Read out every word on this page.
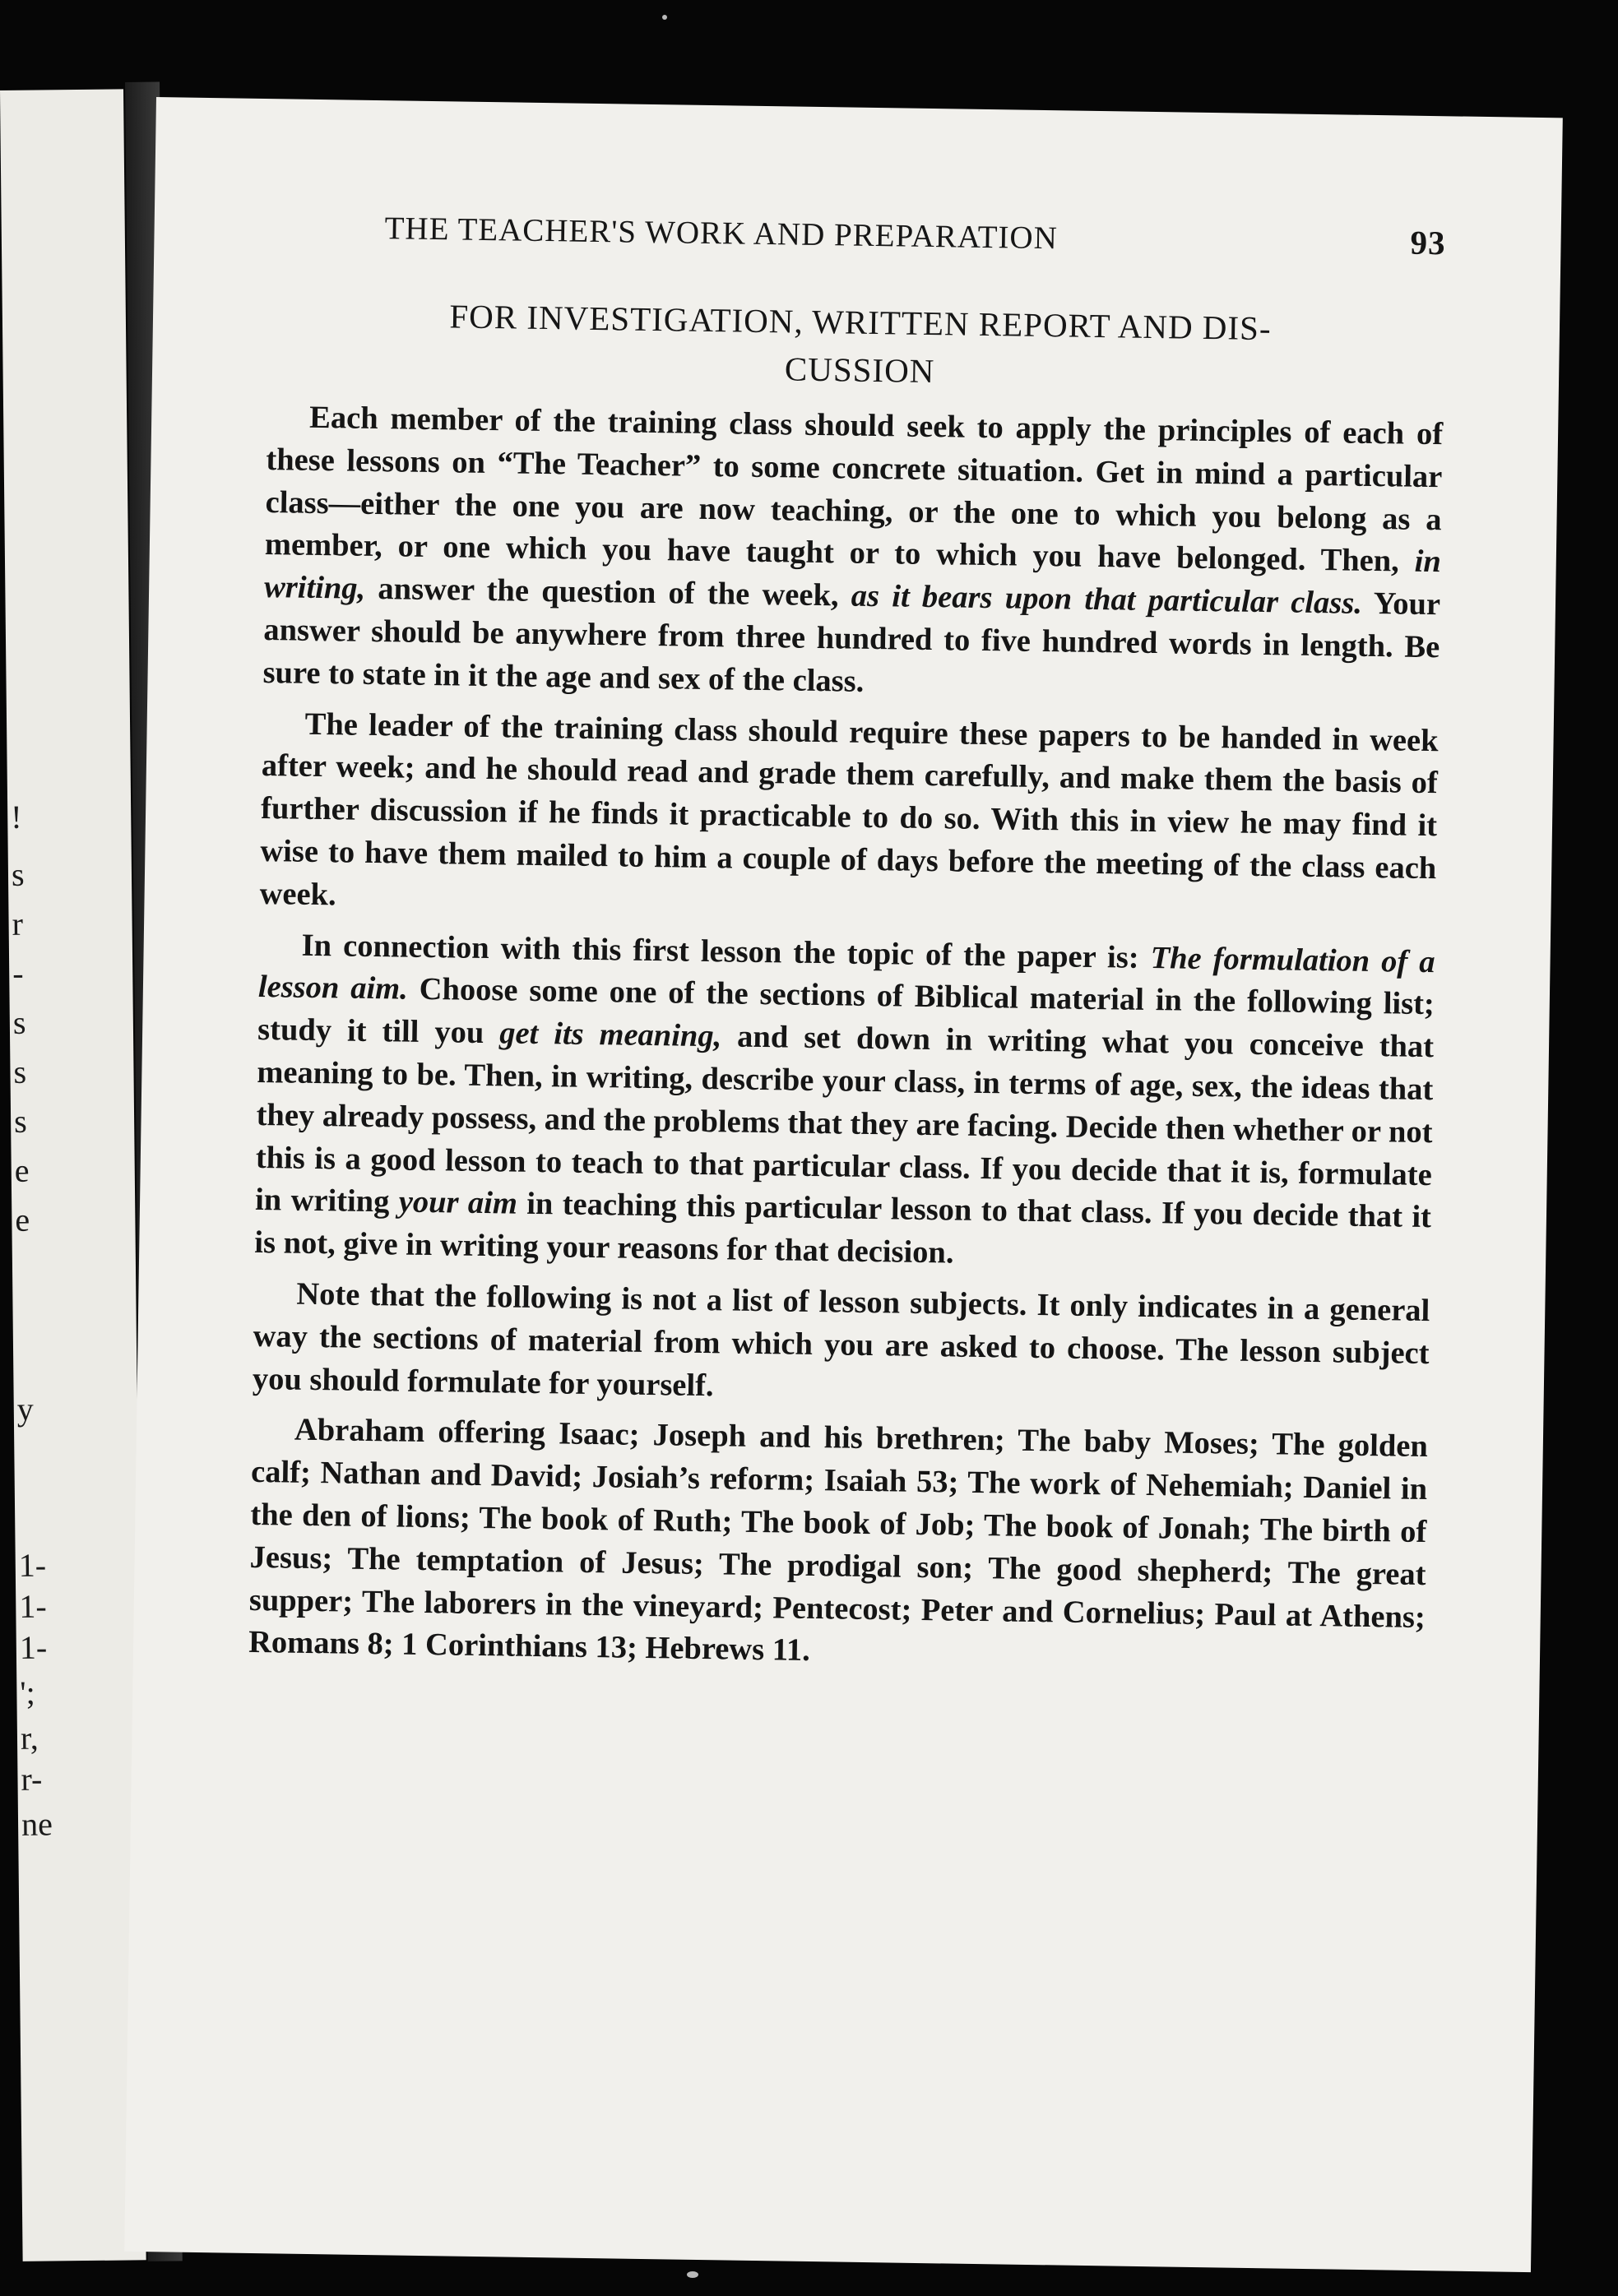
!
s
r
-
s
s
s
e
e
y
1-
1-
1-
';
r,
r-
ne
THE TEACHER'S WORK AND PREPARATION	93
FOR INVESTIGATION, WRITTEN REPORT AND DIS-
CUSSION

Each member of the training class should seek to apply the principles of each of these lessons on “The Teacher” to some concrete situation. Get in mind a particular class—either the one you are now teaching, or the one to which you belong as a member, or one which you have taught or to which you have belonged. Then, in writing, answer the question of the week, as it bears upon that particular class. Your answer should be anywhere from three hundred to five hundred words in length. Be sure to state in it the age and sex of the class.

The leader of the training class should require these papers to be handed in week after week; and he should read and grade them carefully, and make them the basis of further discussion if he finds it practicable to do so. With this in view he may find it wise to have them mailed to him a couple of days before the meeting of the class each week.

In connection with this first lesson the topic of the paper is: The formulation of a lesson aim. Choose some one of the sections of Biblical material in the following list; study it till you get its meaning, and set down in writing what you conceive that meaning to be. Then, in writing, describe your class, in terms of age, sex, the ideas that they already possess, and the problems that they are facing. Decide then whether or not this is a good lesson to teach to that particular class. If you decide that it is, formulate in writing your aim in teaching this particular lesson to that class. If you decide that it is not, give in writing your reasons for that decision.

Note that the following is not a list of lesson subjects. It only indicates in a general way the sections of material from which you are asked to choose. The lesson subject you should formulate for yourself.

Abraham offering Isaac; Joseph and his brethren; The baby Moses; The golden calf; Nathan and David; Josiah’s reform; Isaiah 53; The work of Nehemiah; Daniel in the den of lions; The book of Ruth; The book of Job; The book of Jonah; The birth of Jesus; The temptation of Jesus; The prodigal son; The good shepherd; The great supper; The laborers in the vineyard; Pentecost; Peter and Cornelius; Paul at Athens; Romans 8; 1 Corinthians 13; Hebrews 11.
